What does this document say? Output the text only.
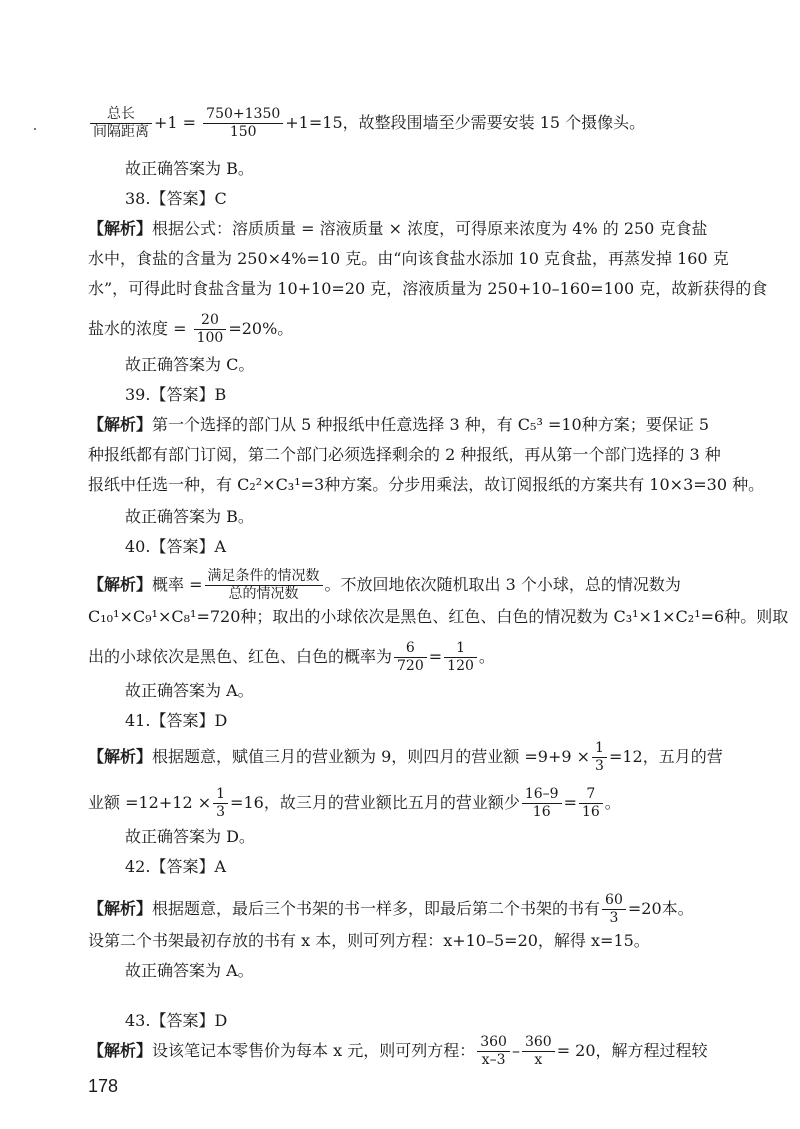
$\frac{\text{总长}}{\text{间隔距离}} +1 = \frac{750+1350}{150} +1=15$，故整段围墙至少需要安装 15 个摄像头。
故正确答案为 B。
38.【答案】C
【解析】根据公式：溶质质量 = 溶液质量 × 浓度，可得原来浓度为 4% 的 250 克食盐
水中，食盐的含量为 250×4%=10 克。由“向该食盐水添加 10 克食盐，再蒸发掉 160 克
水”，可得此时食盐含量为 10+10=20 克，溶液质量为 250+10–160=100 克，故新获得的食
盐水的浓度 = $\frac{20}{100} =20\%$。
故正确答案为 C。
39.【答案】B
【解析】第一个选择的部门从 5 种报纸中任意选择 3 种，有 C₅³ =10种方案；要保证 5
种报纸都有部门订阅，第二个部门必须选择剩余的 2 种报纸，再从第一个部门选择的 3 种
报纸中任选一种，有 C₂²×C₃¹=3种方案。分步用乘法，故订阅报纸的方案共有 10×3=30 种。
故正确答案为 B。
40.【答案】A
【解析】概率 = $\frac{\text{满足条件的情况数}}{\text{总的情况数}}$ 。不放回地依次随机取出 3 个小球，总的情况数为
C₁₀¹×C₉¹×C₈¹=720种；取出的小球依次是黑色、红色、白色的情况数为 C₃¹×1×C₂¹=6种。则取
出的小球依次是黑色、红色、白色的概率为 $\frac{6}{720} = \frac{1}{120}$ 。
故正确答案为 A。
41.【答案】D
【解析】根据题意，赋值三月的营业额为 9，则四月的营业额 $=9+9 \times \frac{1}{3} =12$，五月的营
业额 $=12+12 \times \frac{1}{3} =16$，故三月的营业额比五月的营业额少 $\frac{16-9}{16} = \frac{7}{16}$ 。
故正确答案为 D。
42.【答案】A
【解析】根据题意，最后三个书架的书一样多，即最后第二个书架的书有 $\frac{60}{3} =20$本。
设第二个书架最初存放的书有 x 本，则可列方程：x+10–5=20，解得 x=15。
故正确答案为 A。
43.【答案】D
【解析】设该笔记本零售价为每本 x 元，则可列方程： $\frac{360}{x-3} - \frac{360}{x} = 20$，解方程过程较
178
